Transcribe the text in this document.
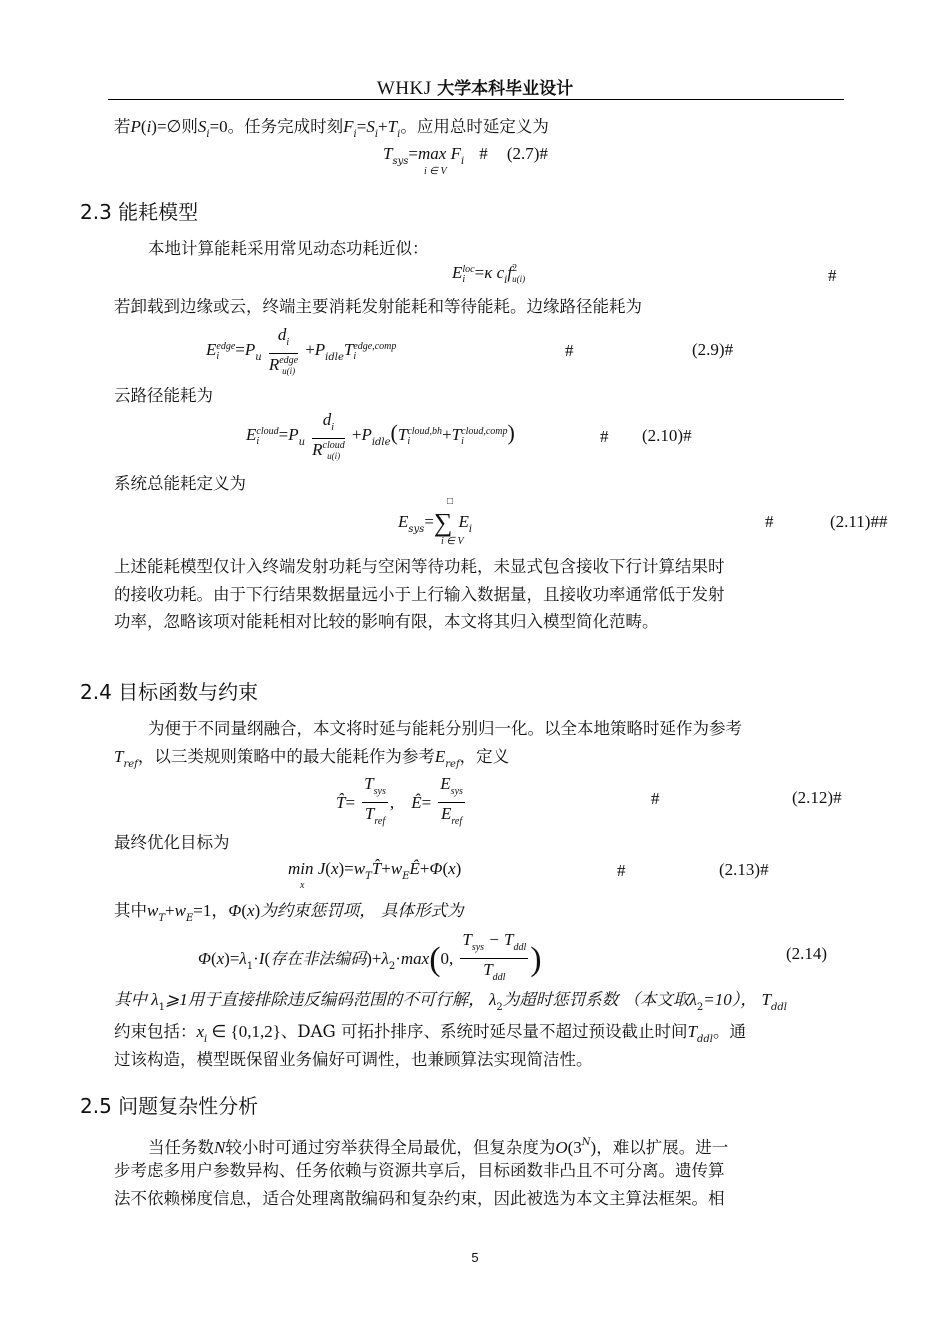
WHKJ 大学本科毕业设计
若P(i)=∅则$S_i=0$。任务完成时刻$F_i=S_i+T_i$。应用总时延定义为
$T_{sys}=\max$ $F_i$ # (2.7)#
i ∈ V
2.3 能耗模型
本地计算能耗采用常见动态功耗近似：
E loc
i =κ $c_if$ 2
u(i)	#
若卸载到边缘或云，终端主要消耗发射能耗和等待能耗。边缘路径能耗为
E edge
$i =P_u$ $d_i$
R edge
$u(i) +P_{idle}T$ edge,comp
i	#	(2.9)#
云路径能耗为
E cloud
i	$=P_u$ $d_i$
R cloud
$u(i) +P_{idle}(T$ cloud,bh
i	+T cloud,comp
i	)	# (2.10)#
系统总能耗定义为
$E_{sys}=\sum$ $E_i$
□
i ∈ V
#	(2.11)##
上述能耗模型仅计入终端发射功耗与空闲等待功耗，未显式包含接收下行计算结果时
的接收功耗。由于下行结果数据量远小于上行输入数据量，且接收功率通常低于发射
功率，忽略该项对能耗相对比较的影响有限，本文将其归入模型简化范畴。
2.4 目标函数与约束
为便于不同量纲融合，本文将时延与能耗分别归一化。以全本地策略时延作为参考
$T_{ref}$，以三类规则策略中的最大能耗作为参考$E_{ref}$，定义
T̂= $\frac{T_{sys}}{T_{ref}}$ , Ê= $\frac{E_{sys}}{E_{ref}}$	#	(2.12)#
最终优化目标为
$\min J(x)=w_TT̂+w_EÊ+\Phi(x)$
x
#	(2.13)#
其中$w_T+w_E=1$，Φ(x)为约束惩罚项， 具体形式为
$\Phi(x)=\lambda_1\cdot I$(存在非法编码)$+\lambda_2\cdot\max(0$, $\frac{T_{sys} - T_{ddl}}{T_{ddl}}$ )	(2.14)
其中 $\lambda_1⩾1$用于直接排除违反编码范围的不可行解， $\lambda_2$为超时惩罚系数 （本文取$\lambda_2=10$）， $T_{ddl}$
约束包括：$x_i$ ∈ {0,1,2}、DAG 可拓扑排序、系统时延尽量不超过预设截止时间$T_{ddl}$。通
过该构造，模型既保留业务偏好可调性，也兼顾算法实现简洁性。
2.5 问题复杂性分析
当任务数N较小时可通过穷举获得全局最优，但复杂度为$O(3^N)$，难以扩展。进一
步考虑多用户参数异构、任务依赖与资源共享后，目标函数非凸且不可分离。遗传算
法不依赖梯度信息，适合处理离散编码和复杂约束，因此被选为本文主算法框架。相
5
